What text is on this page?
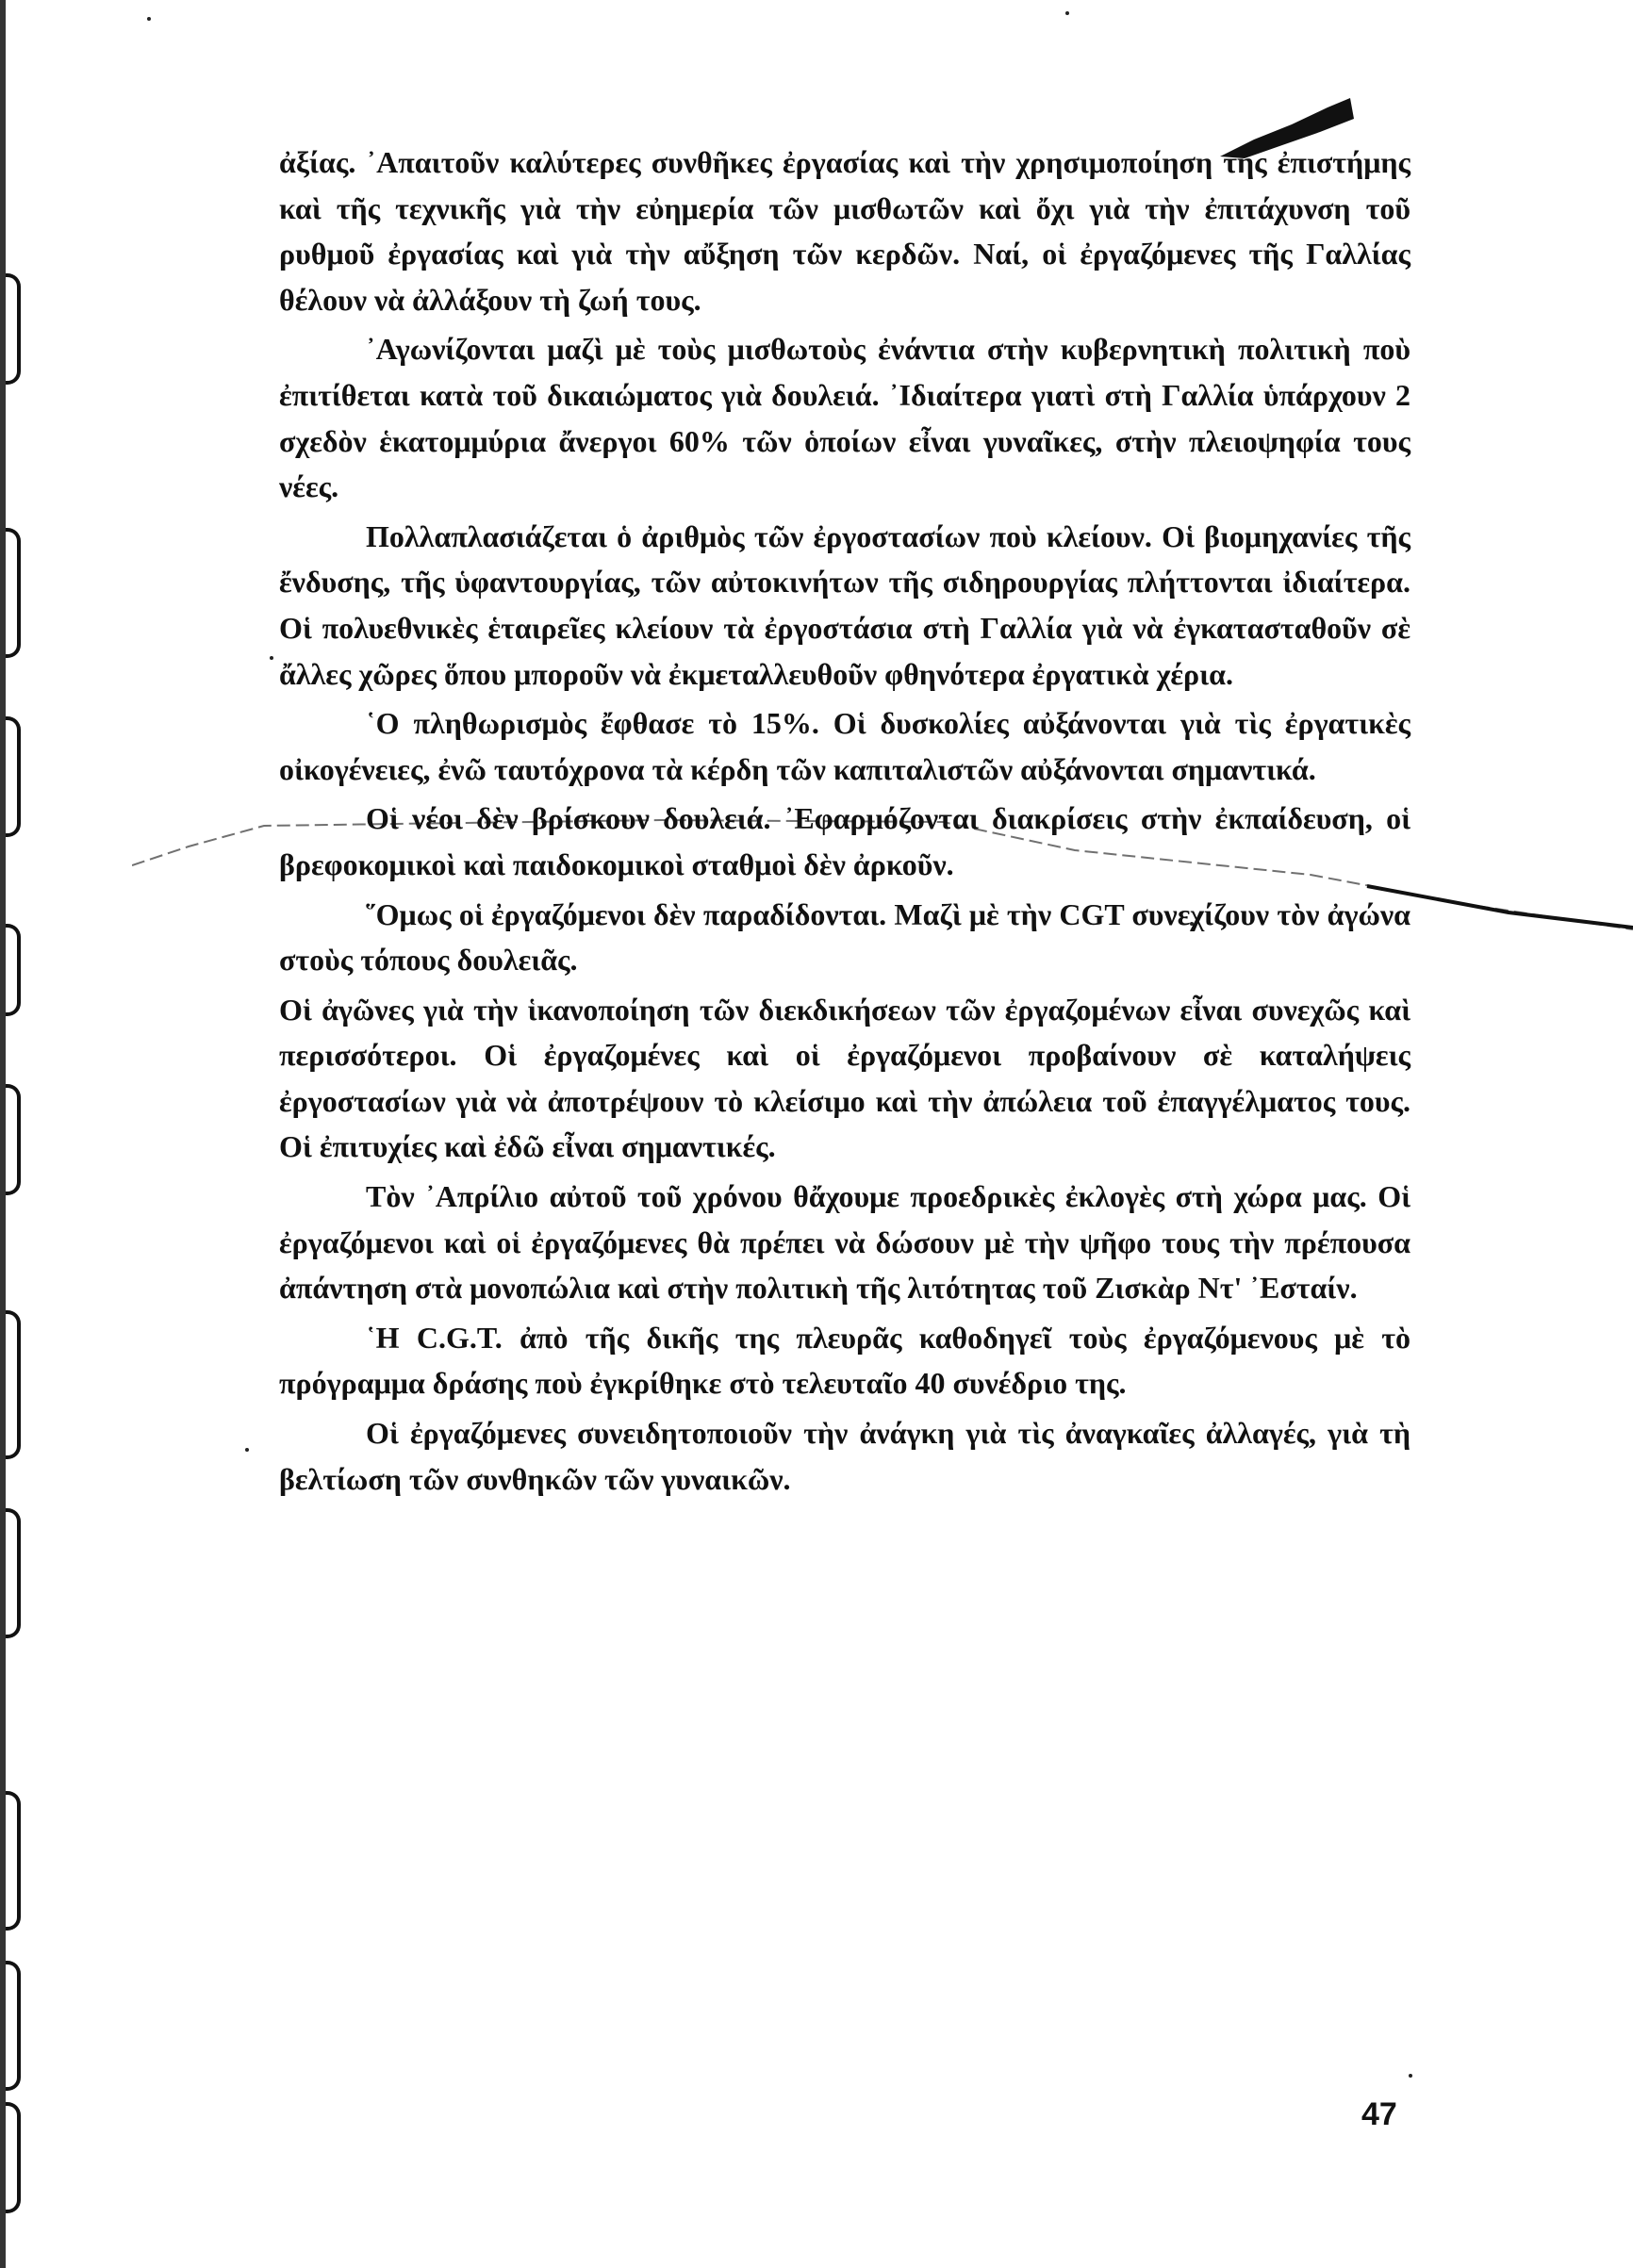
ἀξίας. ᾿Απαιτοῦν καλύτερες συνθῆκες ἐργασίας καὶ τὴν χρησιμοποίηση τῆς ἐπιστήμης καὶ τῆς τεχνικῆς γιὰ τὴν εὐημερία τῶν μισθωτῶν καὶ ὄχι γιὰ τὴν ἐπιτάχυνση τοῦ ρυθμοῦ ἐργασίας καὶ γιὰ τὴν αὔξηση τῶν κερδῶν. Ναί, οἱ ἐργαζόμενες τῆς Γαλλίας θέλουν νὰ ἀλλάξουν τὴ ζωή τους.

᾿Αγωνίζονται μαζὶ μὲ τοὺς μισθωτοὺς ἐνάντια στὴν κυβερνητικὴ πολιτικὴ ποὺ ἐπιτίθεται κατὰ τοῦ δικαιώματος γιὰ δουλειά. ᾿Ιδιαίτερα γιατὶ στὴ Γαλλία ὑπάρχουν 2 σχεδὸν ἑκατομμύρια ἄνεργοι 60% τῶν ὁποίων εἶναι γυναῖκες, στὴν πλειοψηφία τους νέες.

Πολλαπλασιάζεται ὁ ἀριθμὸς τῶν ἐργοστασίων ποὺ κλείουν. Οἱ βιομηχανίες τῆς ἔνδυσης, τῆς ὑφαντουργίας, τῶν αὐτοκινήτων τῆς σιδηρουργίας πλήττονται ἰδιαίτερα. Οἱ πολυεθνικὲς ἑταιρεῖες κλείουν τὰ ἐργοστάσια στὴ Γαλλία γιὰ νὰ ἐγκατασταθοῦν σὲ ἄλλες χῶρες ὅπου μποροῦν νὰ ἐκμεταλλευθοῦν φθηνότερα ἐργατικὰ χέρια.

῾Ο πληθωρισμὸς ἔφθασε τὸ 15%. Οἱ δυσκολίες αὐξάνονται γιὰ τὶς ἐργατικὲς οἰκογένειες, ἐνῶ ταυτόχρονα τὰ κέρδη τῶν καπιταλιστῶν αὐξάνονται σημαντικά.

Οἱ νέοι δὲν βρίσκουν δουλειά. ᾿Εφαρμόζονται διακρίσεις στὴν ἐκπαίδευση, οἱ βρεφοκομικοὶ καὶ παιδοκομικοὶ σταθμοὶ δὲν ἀρκοῦν.

῞Ομως οἱ ἐργαζόμενοι δὲν παραδίδονται. Μαζὶ μὲ τὴν CGT συνεχίζουν τὸν ἀγώνα στοὺς τόπους δουλειᾶς.

Οἱ ἀγῶνες γιὰ τὴν ἱκανοποίηση τῶν διεκδικήσεων τῶν ἐργαζομένων εἶναι συνεχῶς καὶ περισσότεροι. Οἱ ἐργαζομένες καὶ οἱ ἐργαζόμενοι προβαίνουν σὲ καταλήψεις ἐργοστασίων γιὰ νὰ ἀποτρέψουν τὸ κλείσιμο καὶ τὴν ἀπώλεια τοῦ ἐπαγγέλματος τους. Οἱ ἐπιτυχίες καὶ ἐδῶ εἶναι σημαντικές.

Τὸν ᾿Απρίλιο αὐτοῦ τοῦ χρόνου θἄχουμε προεδρικὲς ἐκλογὲς στὴ χώρα μας. Οἱ ἐργαζόμενοι καὶ οἱ ἐργαζόμενες θὰ πρέπει νὰ δώσουν μὲ τὴν ψῆφο τους τὴν πρέπουσα ἀπάντηση στὰ μονοπώλια καὶ στὴν πολιτικὴ τῆς λιτότητας τοῦ Ζισκὰρ Ντ' ᾿Εσταίν.

῾Η C.G.T. ἀπὸ τῆς δικῆς της πλευρᾶς καθοδηγεῖ τοὺς ἐργαζόμενους μὲ τὸ πρόγραμμα δράσης ποὺ ἐγκρίθηκε στὸ τελευταῖο 40 συνέδριο της.

Οἱ ἐργαζόμενες συνειδητοποιοῦν τὴν ἀνάγκη γιὰ τὶς ἀναγκαῖες ἀλλαγές, γιὰ τὴ βελτίωση τῶν συνθηκῶν τῶν γυναικῶν.

47
